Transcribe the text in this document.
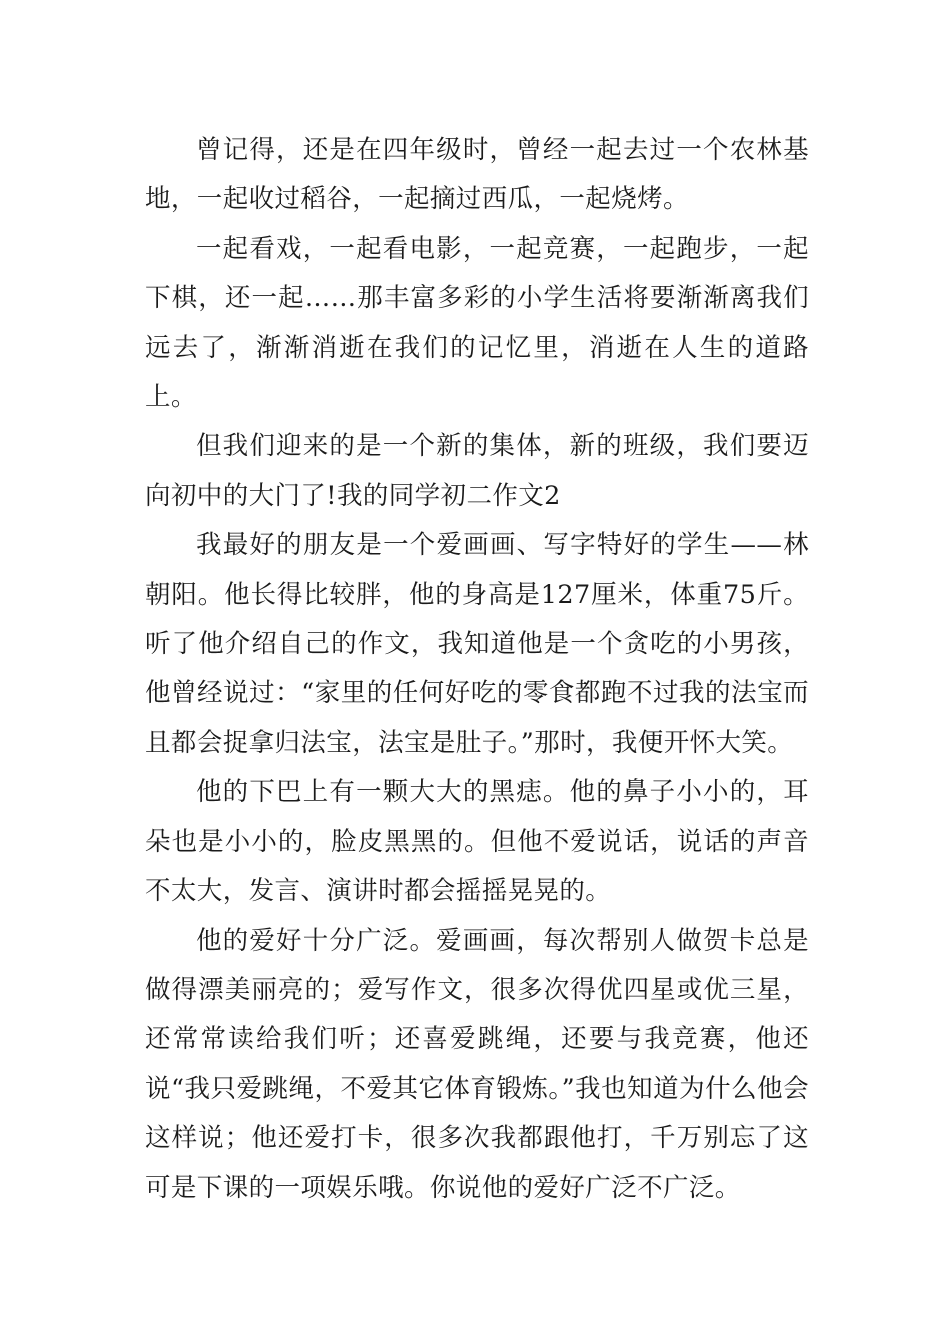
曾记得，还是在四年级时，曾经一起去过一个农林基地，一起收过稻谷，一起摘过西瓜，一起烧烤。

一起看戏，一起看电影，一起竞赛，一起跑步，一起下棋，还一起……那丰富多彩的小学生活将要渐渐离我们远去了，渐渐消逝在我们的记忆里，消逝在人生的道路上。

但我们迎来的是一个新的集体，新的班级，我们要迈向初中的大门了!我的同学初二作文2

我最好的朋友是一个爱画画、写字特好的学生——林朝阳。他长得比较胖，他的身高是127厘米，体重75斤。听了他介绍自己的作文，我知道他是一个贪吃的小男孩，他曾经说过：“家里的任何好吃的零食都跑不过我的法宝而且都会捉拿归法宝，法宝是肚子。”那时，我便开怀大笑。

他的下巴上有一颗大大的黑痣。他的鼻子小小的，耳朵也是小小的，脸皮黑黑的。但他不爱说话，说话的声音不太大，发言、演讲时都会摇摇晃晃的。

他的爱好十分广泛。爱画画，每次帮别人做贺卡总是做得漂美丽亮的；爱写作文，很多次得优四星或优三星，还常常读给我们听；还喜爱跳绳，还要与我竞赛，他还说“我只爱跳绳，不爱其它体育锻炼。”我也知道为什么他会这样说；他还爱打卡，很多次我都跟他打，千万别忘了这可是下课的一项娱乐哦。你说他的爱好广泛不广泛。
